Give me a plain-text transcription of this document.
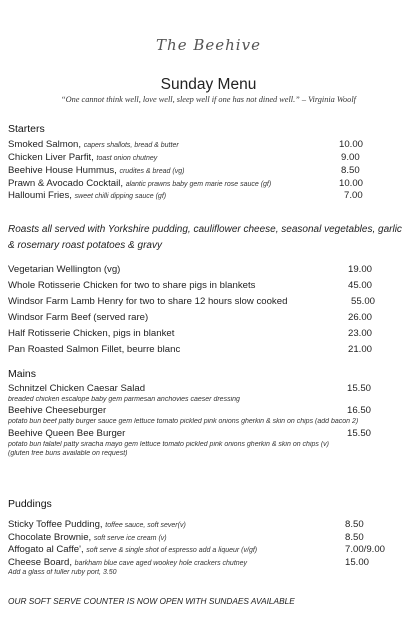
The Beehive
Sunday Menu
“One cannot think well, love well, sleep well if one has not dined well.” – Virginia Woolf
Starters
Smoked Salmon, capers shallots, bread & butter	10.00
Chicken Liver Parfit, toast onion chutney	9.00
Beehive House Hummus, crudites & bread (vg)	8.50
Prawn & Avocado Cocktail, alantic prawns baby gem marie rose sauce (gf)	10.00
Halloumi Fries, sweet chilli dipping sauce (gf)	7.00
Roasts all served with Yorkshire pudding, cauliflower cheese, seasonal vegetables, garlic & rosemary roast potatoes & gravy
Vegetarian Wellington (vg)	19.00
Whole Rotisserie Chicken for two to share pigs in blankets	45.00
Windsor Farm Lamb Henry for two to share 12 hours slow cooked	55.00
Windsor Farm Beef (served rare)	26.00
Half Rotisserie Chicken, pigs in blanket	23.00
Pan Roasted Salmon Fillet, beurre blanc	21.00
Mains
Schnitzel Chicken Caesar Salad	15.50
breaded chicken escalope baby gem parmesan anchovies caeser dressing
Beehive Cheeseburger	16.50
potato bun beef patty burger sauce gem lettuce tomato pickled pink onions gherkin & skin on chips (add bacon 2)
Beehive Queen Bee Burger	15.50
potato bun falafel patty siracha mayo gem lettuce tomato pickled pink onions gherkin & skin on chips (v)
(gluten free buns available on request)
Puddings
Sticky Toffee Pudding, toffee sauce, soft sever(v)	8.50
Chocolate Brownie, soft serve ice cream (v)	8.50
Affogato al Caffe', soft serve & single shot of espresso add a liqueur (v/gf)	7.00/9.00
Cheese Board, barkham blue cave aged wookey hole crackers chutney	15.00
Add a glass of fuller ruby port, 3.50
OUR SOFT SERVE COUNTER IS NOW OPEN WITH SUNDAES AVAILABLE
